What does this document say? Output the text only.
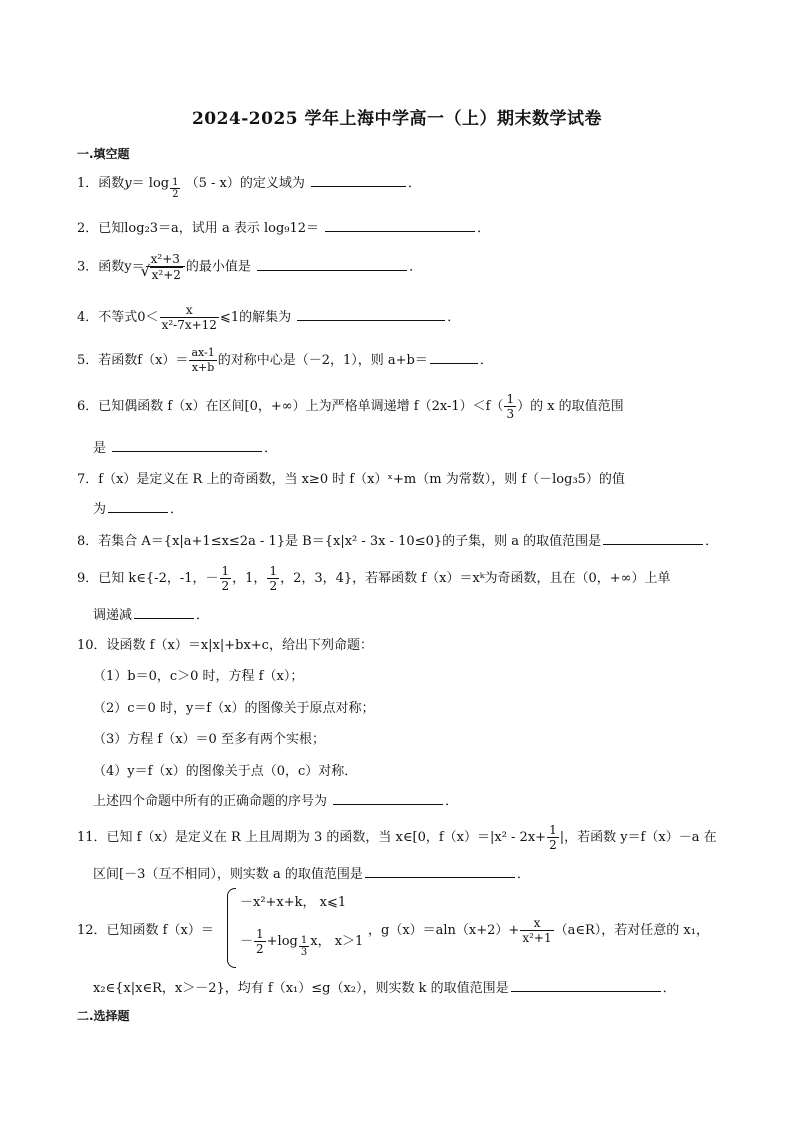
2024-2025 学年上海中学高一（上）期末数学试卷
一.填空题
1．函数$y= \log \frac{1}{2} (5 - x)$的定义域为	．
2．已知log₂3＝a，试用 a 表示 log₉12＝	．
3．函数y＝ x²+3
√ x²+2 的最小值是	．
4．不等式$0< \frac{x}{\text{x²-7x+12}}$ ⩽1的解集为	．
5．若函数$f(x)= \frac{ax-1}{x+b}$ 的对称中心是（－2，1），则 a+b＝	．
6．已知偶函数 f（x）在区间[0，+∞）上为严格单调递增 $f(2x-1)<f( \frac{1}{3}$ ）的 x 的取值范围
是	．
7．f（x）是定义在 R 上的奇函数，当 x≥0 时 f（x）ˣ+m（m 为常数），则 f（－log₃5）的值
为	．
8．若集合 A＝{x|a+1≤x≤2a - 1}是 B＝{x|x² - 3x - 10≤0}的子集，则 a 的取值范围是	．
9．已知 k∈{-2，-1，－ $\frac{1}{2}$ ，1， $\frac{1}{2}$ ，2，3，4}，若幂函数 f（x）＝xᵏ为奇函数，且在（0，+∞）上单
调递减	．
10．设函数 f（x）＝x|x|+bx+c，给出下列命题：
（1）b＝0，c＞0 时，方程 f（x）；
（2）c＝0 时，y＝f（x）的图像关于原点对称；
（3）方程 f（x）＝0 至多有两个实根；
（4）y＝f（x）的图像关于点（0，c）对称．
上述四个命题中所有的正确命题的序号为	．
11．已知 f（x）是定义在 R 上且周期为 3 的函数，当 x∈[0，$f(x)=|x^2 - 2x+ \frac{1}{2}$ |，若函数 y＝f（x）－a 在
区间[－3（互不相同），则实数 a 的取值范围是	．
12．已知函数 f（x）＝
－x²+x+k， x⩽1
－ $\frac{1}{2} +\log \frac{1}{3}$ x， x＞1
，$g(x)=aln(x+2)+ \frac{x}{\text{x²+1}}$ （a∈R），若对任意的 x₁，
x₂∈{x|x∈R，x＞－2}，均有 f（x₁）≤g（x₂），则实数 k 的取值范围是	．
二.选择题
